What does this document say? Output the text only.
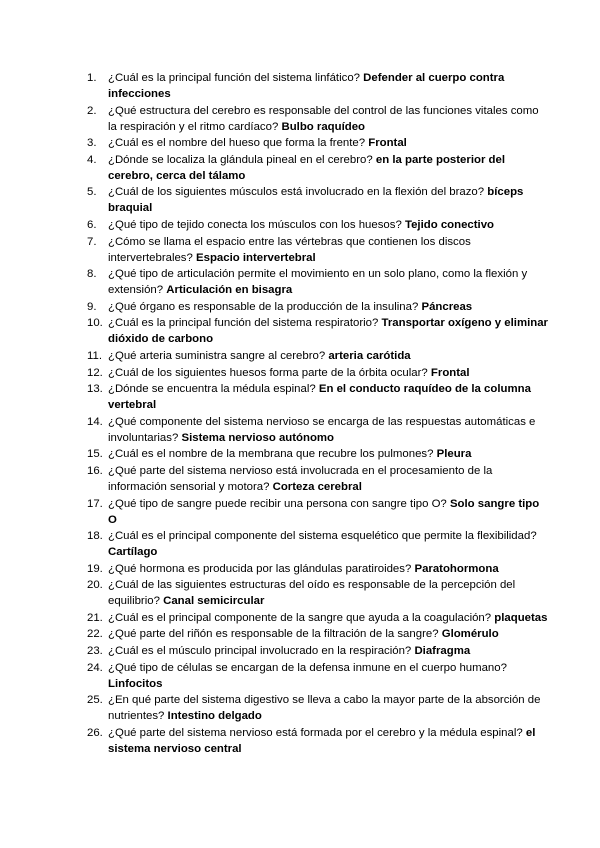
1. ¿Cuál es la principal función del sistema linfático? Defender al cuerpo contra infecciones
2. ¿Qué estructura del cerebro es responsable del control de las funciones vitales como la respiración y el ritmo cardíaco? Bulbo raquídeo
3. ¿Cuál es el nombre del hueso que forma la frente? Frontal
4. ¿Dónde se localiza la glándula pineal en el cerebro? en la parte posterior del cerebro, cerca del tálamo
5. ¿Cuál de los siguientes músculos está involucrado en la flexión del brazo? bíceps braquial
6. ¿Qué tipo de tejido conecta los músculos con los huesos? Tejido conectivo
7. ¿Cómo se llama el espacio entre las vértebras que contienen los discos intervertebrales? Espacio intervertebral
8. ¿Qué tipo de articulación permite el movimiento en un solo plano, como la flexión y extensión? Articulación en bisagra
9. ¿Qué órgano es responsable de la producción de la insulina? Páncreas
10. ¿Cuál es la principal función del sistema respiratorio? Transportar oxígeno y eliminar dióxido de carbono
11. ¿Qué arteria suministra sangre al cerebro? arteria carótida
12. ¿Cuál de los siguientes huesos forma parte de la órbita ocular? Frontal
13. ¿Dónde se encuentra la médula espinal? En el conducto raquídeo de la columna vertebral
14. ¿Qué componente del sistema nervioso se encarga de las respuestas automáticas e involuntarias? Sistema nervioso autónomo
15. ¿Cuál es el nombre de la membrana que recubre los pulmones? Pleura
16. ¿Qué parte del sistema nervioso está involucrada en el procesamiento de la información sensorial y motora? Corteza cerebral
17. ¿Qué tipo de sangre puede recibir una persona con sangre tipo O? Solo sangre tipo O
18. ¿Cuál es el principal componente del sistema esquelético que permite la flexibilidad? Cartílago
19. ¿Qué hormona es producida por las glándulas paratiroides? Paratohormona
20. ¿Cuál de las siguientes estructuras del oído es responsable de la percepción del equilibrio? Canal semicircular
21. ¿Cuál es el principal componente de la sangre que ayuda a la coagulación? plaquetas
22. ¿Qué parte del riñón es responsable de la filtración de la sangre? Glomérulo
23. ¿Cuál es el músculo principal involucrado en la respiración? Diafragma
24. ¿Qué tipo de células se encargan de la defensa inmune en el cuerpo humano? Linfocitos
25. ¿En qué parte del sistema digestivo se lleva a cabo la mayor parte de la absorción de nutrientes? Intestino delgado
26. ¿Qué parte del sistema nervioso está formada por el cerebro y la médula espinal? el sistema nervioso central
